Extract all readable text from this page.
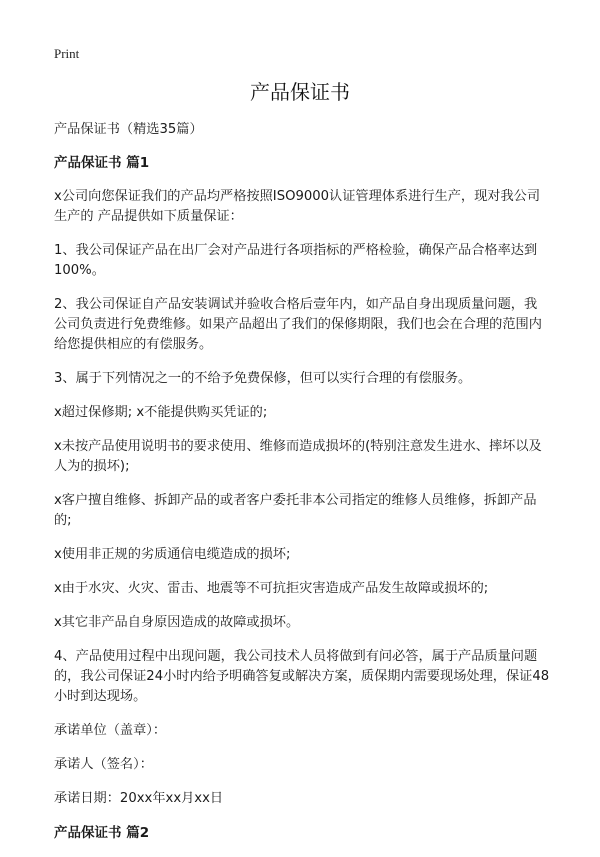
Print
产品保证书

产品保证书（精选35篇）

产品保证书 篇1

x公司向您保证我们的产品均严格按照ISO9000认证管理体系进行生产，现对我公司生产的 产品提供如下质量保证：

1、我公司保证产品在出厂会对产品进行各项指标的严格检验，确保产品合格率达到100%。

2、我公司保证自产品安装调试并验收合格后壹年内，如产品自身出现质量问题，我公司负责进行免费维修。如果产品超出了我们的保修期限，我们也会在合理的范围内给您提供相应的有偿服务。

3、属于下列情况之一的不给予免费保修，但可以实行合理的有偿服务。

x超过保修期; x不能提供购买凭证的;

x未按产品使用说明书的要求使用、维修而造成损坏的(特别注意发生进水、摔坏以及人为的损坏);

x客户擅自维修、拆卸产品的或者客户委托非本公司指定的维修人员维修，拆卸产品的;

x使用非正规的劣质通信电缆造成的损坏;

x由于水灾、火灾、雷击、地震等不可抗拒灾害造成产品发生故障或损坏的;

x其它非产品自身原因造成的故障或损坏。

4、产品使用过程中出现问题，我公司技术人员将做到有问必答，属于产品质量问题的，我公司保证24小时内给予明确答复或解决方案，质保期内需要现场处理，保证48小时到达现场。

承诺单位（盖章）：

承诺人（签名）：

承诺日期：20xx年xx月xx日

产品保证书 篇2
